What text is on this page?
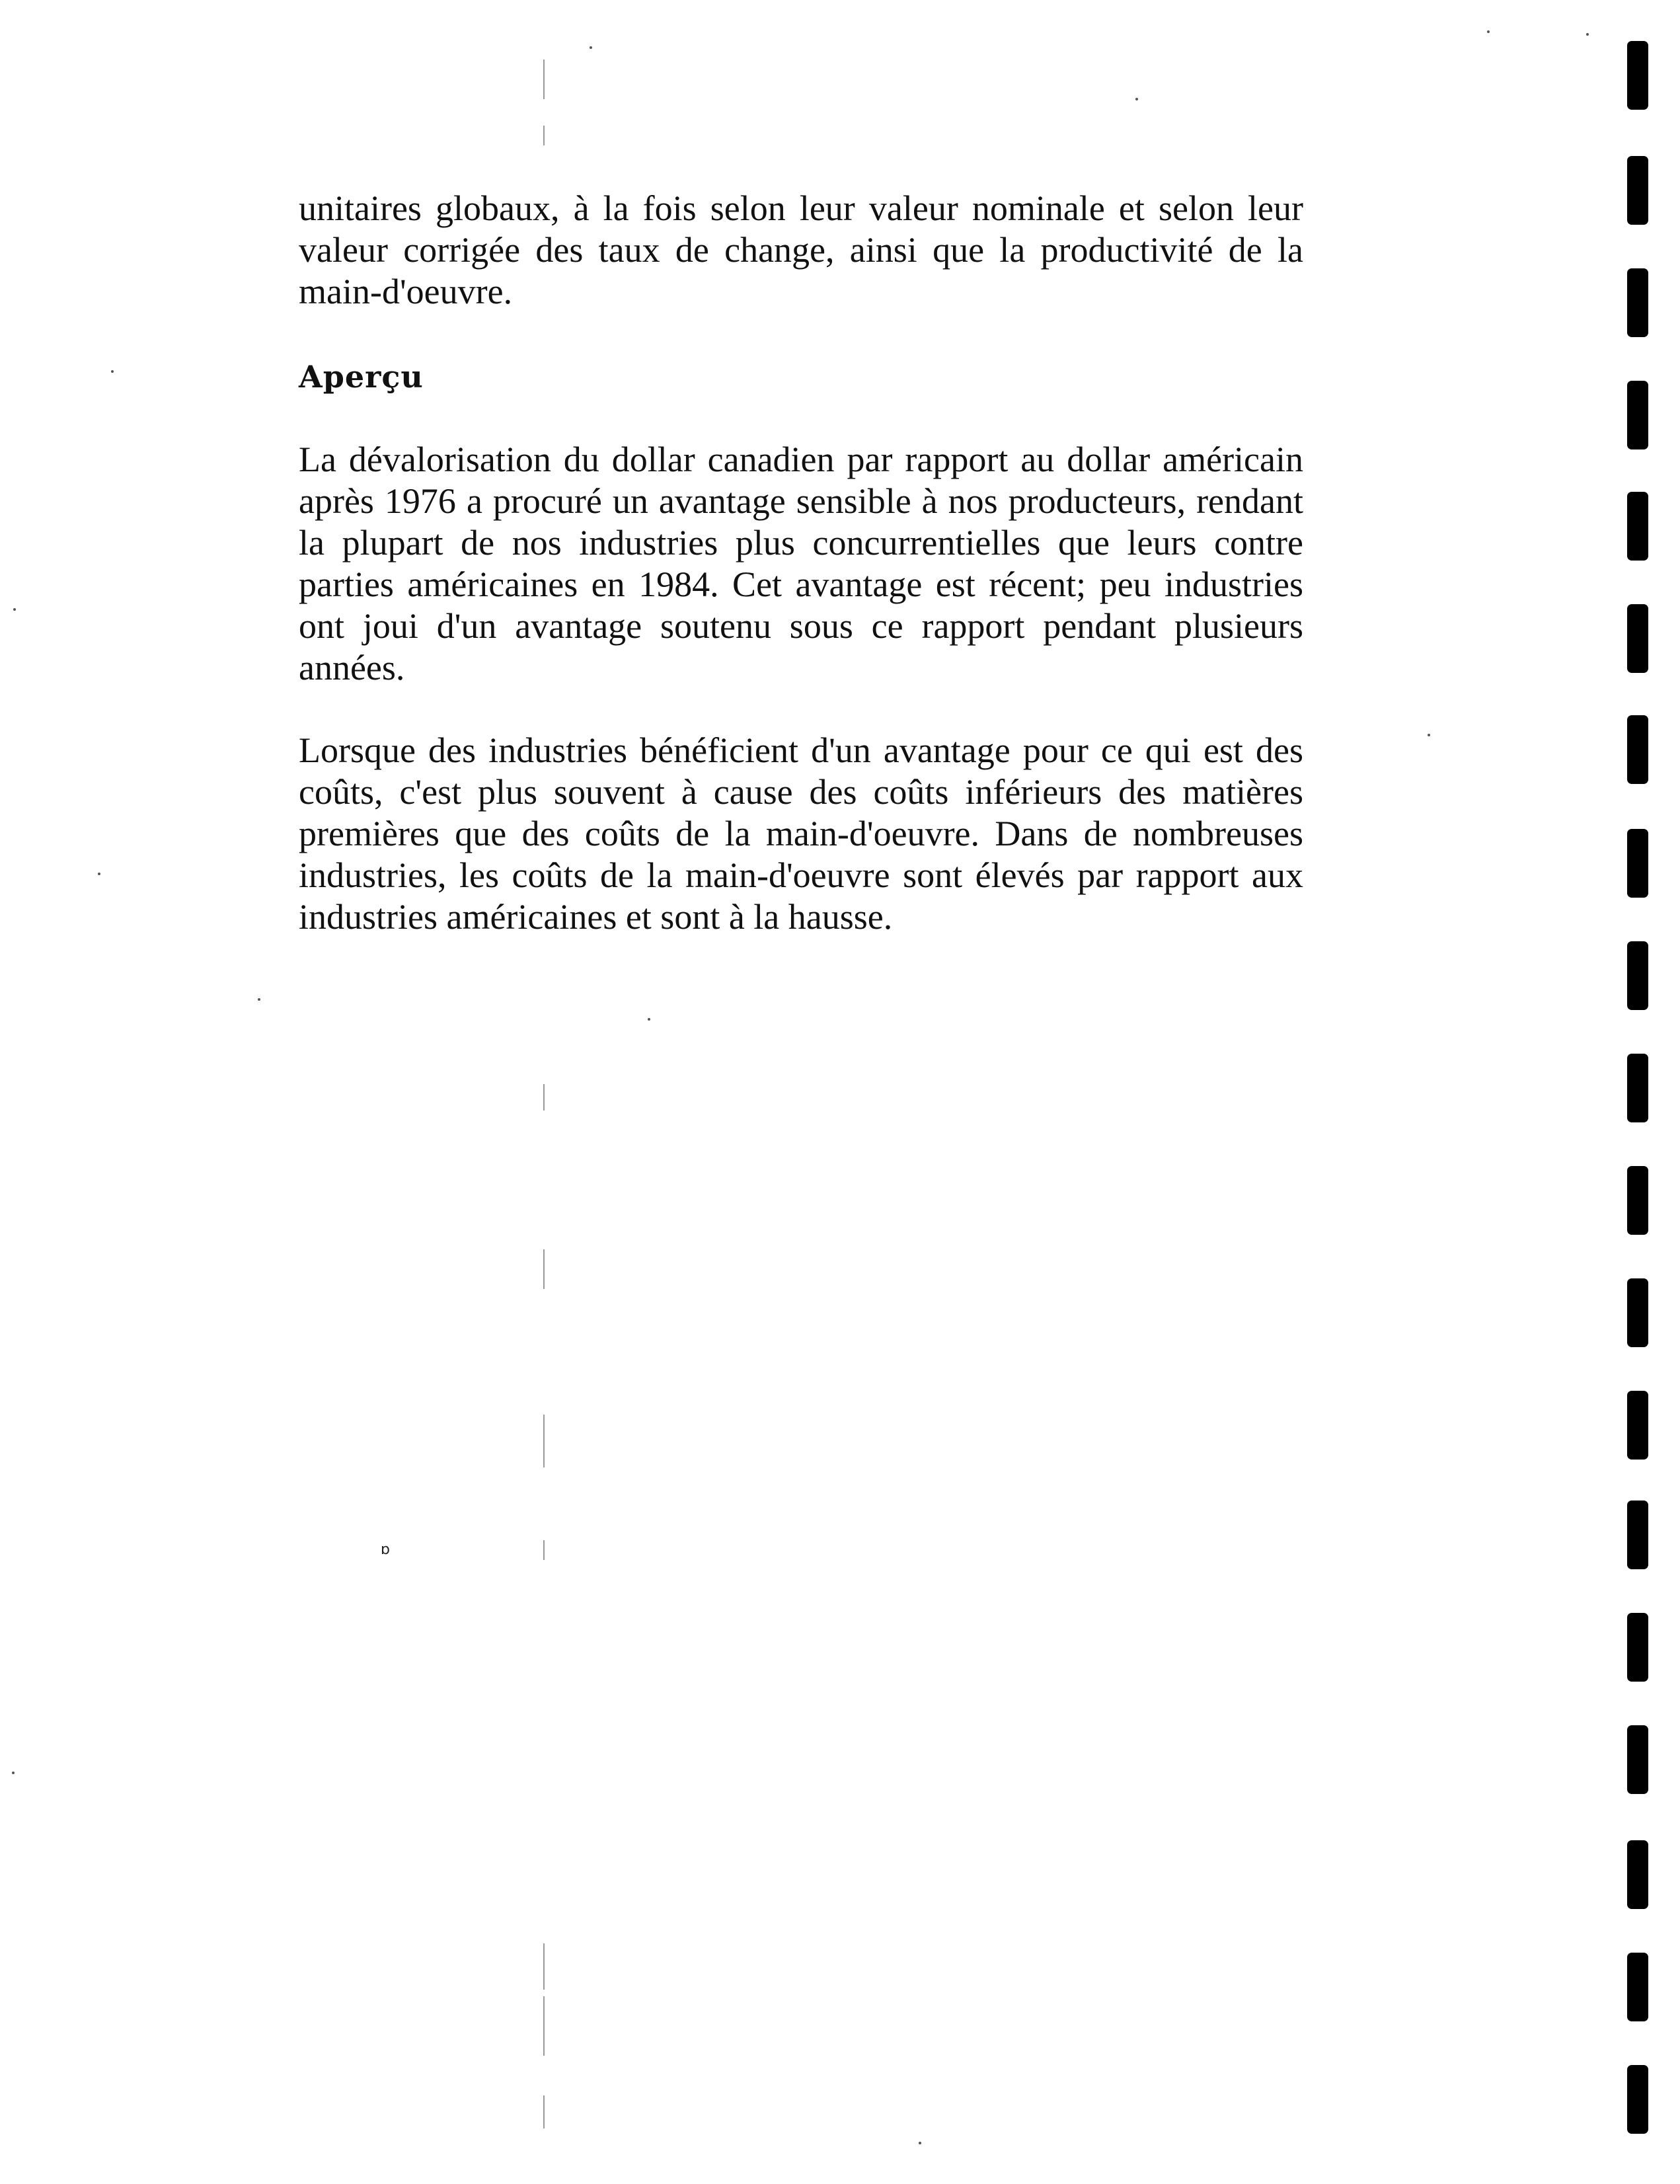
unitaires globaux, à la fois selon leur valeur nominale et selon leur valeur corrigée des taux de change, ainsi que la productivité de la main-d'oeuvre.
Aperçu
La dévalorisation du dollar canadien par rapport au dollar américain après 1976 a procuré un avantage sensible à nos producteurs, rendant la plupart de nos industries plus concurrentielles que leurs contre parties américaines en 1984. Cet avantage est récent; peu industries ont joui d'un avantage soutenu sous ce rapport pendant plusieurs années.
Lorsque des industries bénéficient d'un avantage pour ce qui est des coûts, c'est plus souvent à cause des coûts inférieurs des matières premières que des coûts de la main-d'oeuvre. Dans de nombreuses industries, les coûts de la main-d'oeuvre sont élevés par rapport aux industries américaines et sont à la hausse.
ɒ
